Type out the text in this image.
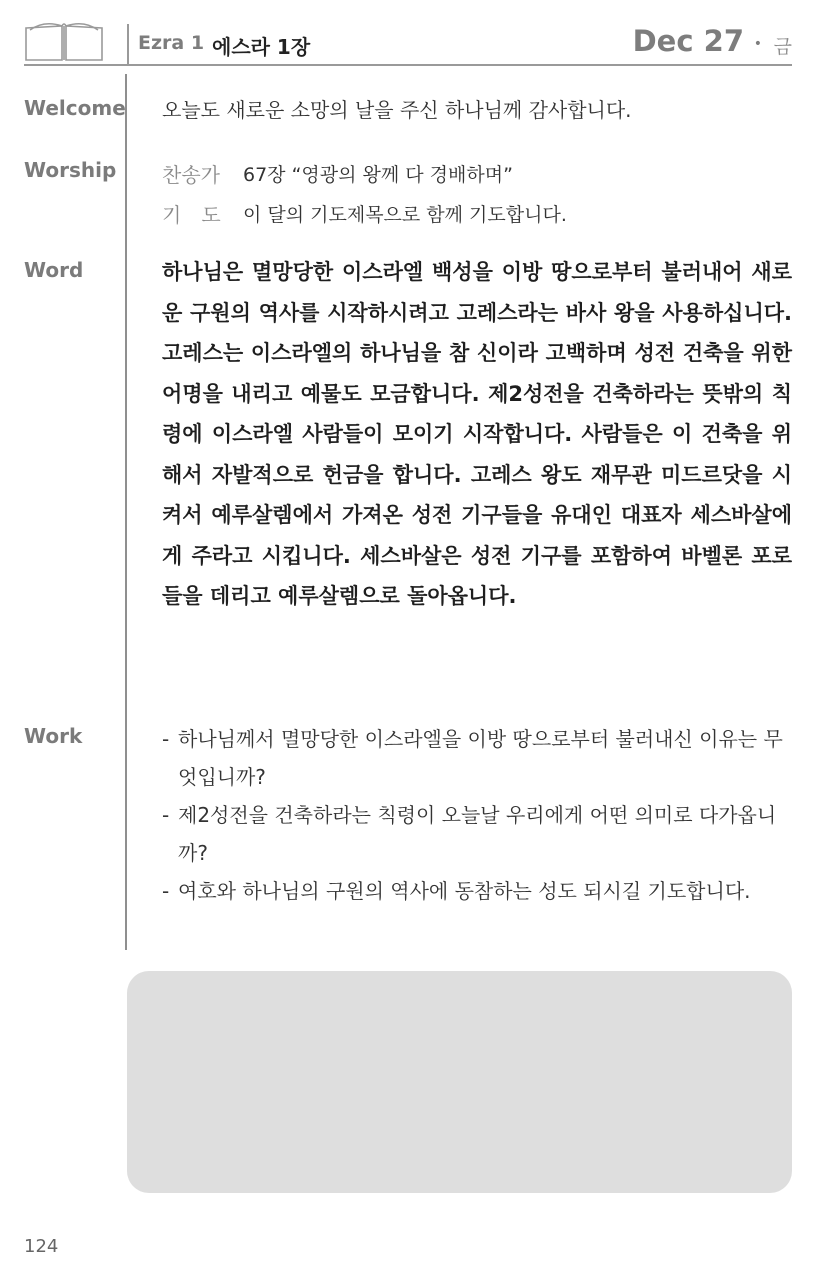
Ezra 1 에스라 1장	Dec 27 • 금
Welcome 오늘도 새로운 소망의 날을 주신 하나님께 감사합니다.
Worship 찬송가 67장 “영광의 왕께 다 경배하며”
기　도 이 달의 기도제목으로 함께 기도합니다.
Word	하나님은 멸망당한 이스라엘 백성을 이방 땅으로부터 불러내어 새로운 구원의 역사를 시작하시려고 고레스라는 바사 왕을 사용하십니다. 고레스는 이스라엘의 하나님을 참 신이라 고백하며 성전 건축을 위한 어명을 내리고 예물도 모금합니다. 제2성전을 건축하라는 뜻밖의 칙령에 이스라엘 사람들이 모이기 시작합니다. 사람들은 이 건축을 위해서 자발적으로 헌금을 합니다. 고레스 왕도 재무관 미드르닷을 시켜서 예루살렘에서 가져온 성전 기구들을 유대인 대표자 세스바살에게 주라고 시킵니다. 세스바살은 성전 기구를 포함하여 바벨론 포로들을 데리고 예루살렘으로 돌아옵니다.

Work
-	하나님께서 멸망당한 이스라엘을 이방 땅으로부터 불러내신 이유는 무엇입니까?
- 제2성전을 건축하라는 칙령이 오늘날 우리에게 어떤 의미로 다가옵니까?
- 여호와 하나님의 구원의 역사에 동참하는 성도 되시길 기도합니다.
124
